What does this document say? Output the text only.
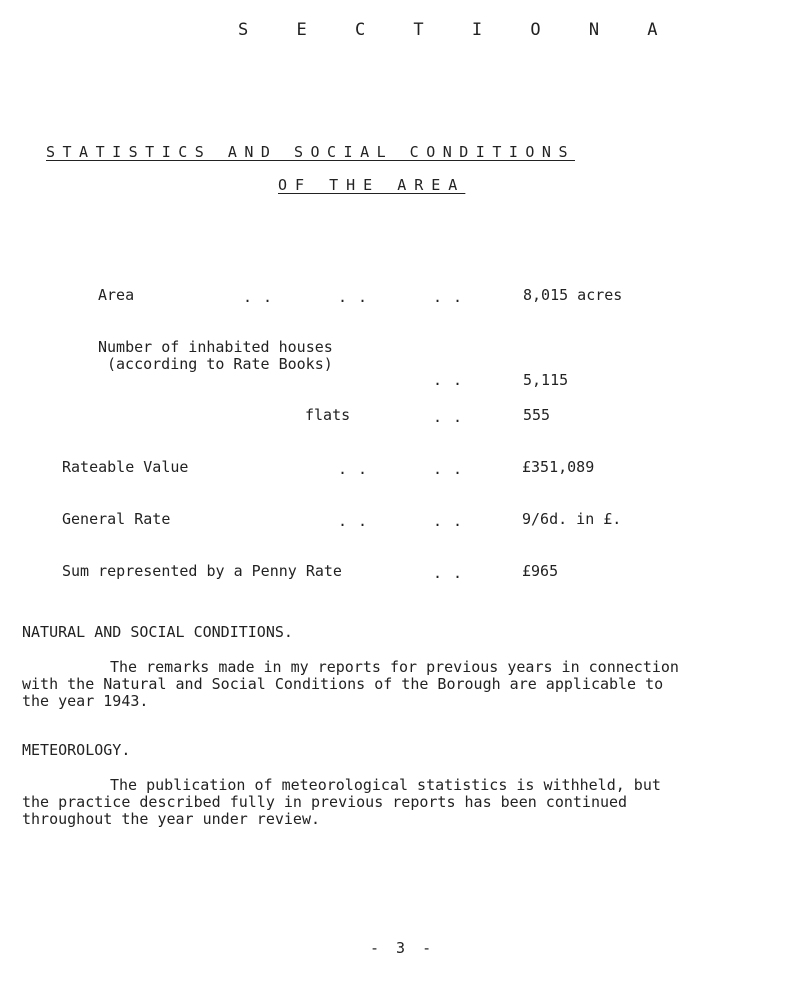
S E C T I O N A
STATISTICS AND SOCIAL CONDITIONS
OF THE AREA
Area	. .	. .	. .	8,015 acres
Number of inhabited houses
(according to Rate Books)
. .	5,115
flats	. .	555
Rateable Value	. .	. .	£351,089
General Rate	. .	. .	9/6d. in £.
Sum represented by a Penny Rate	. .	£965
NATURAL AND SOCIAL CONDITIONS.
The remarks made in my reports for previous years in connection
with the Natural and Social Conditions of the Borough are applicable to
the year 1943.
METEOROLOGY.
The publication of meteorological statistics is withheld, but
the practice described fully in previous reports has been continued
throughout the year under review.
- 3 -
